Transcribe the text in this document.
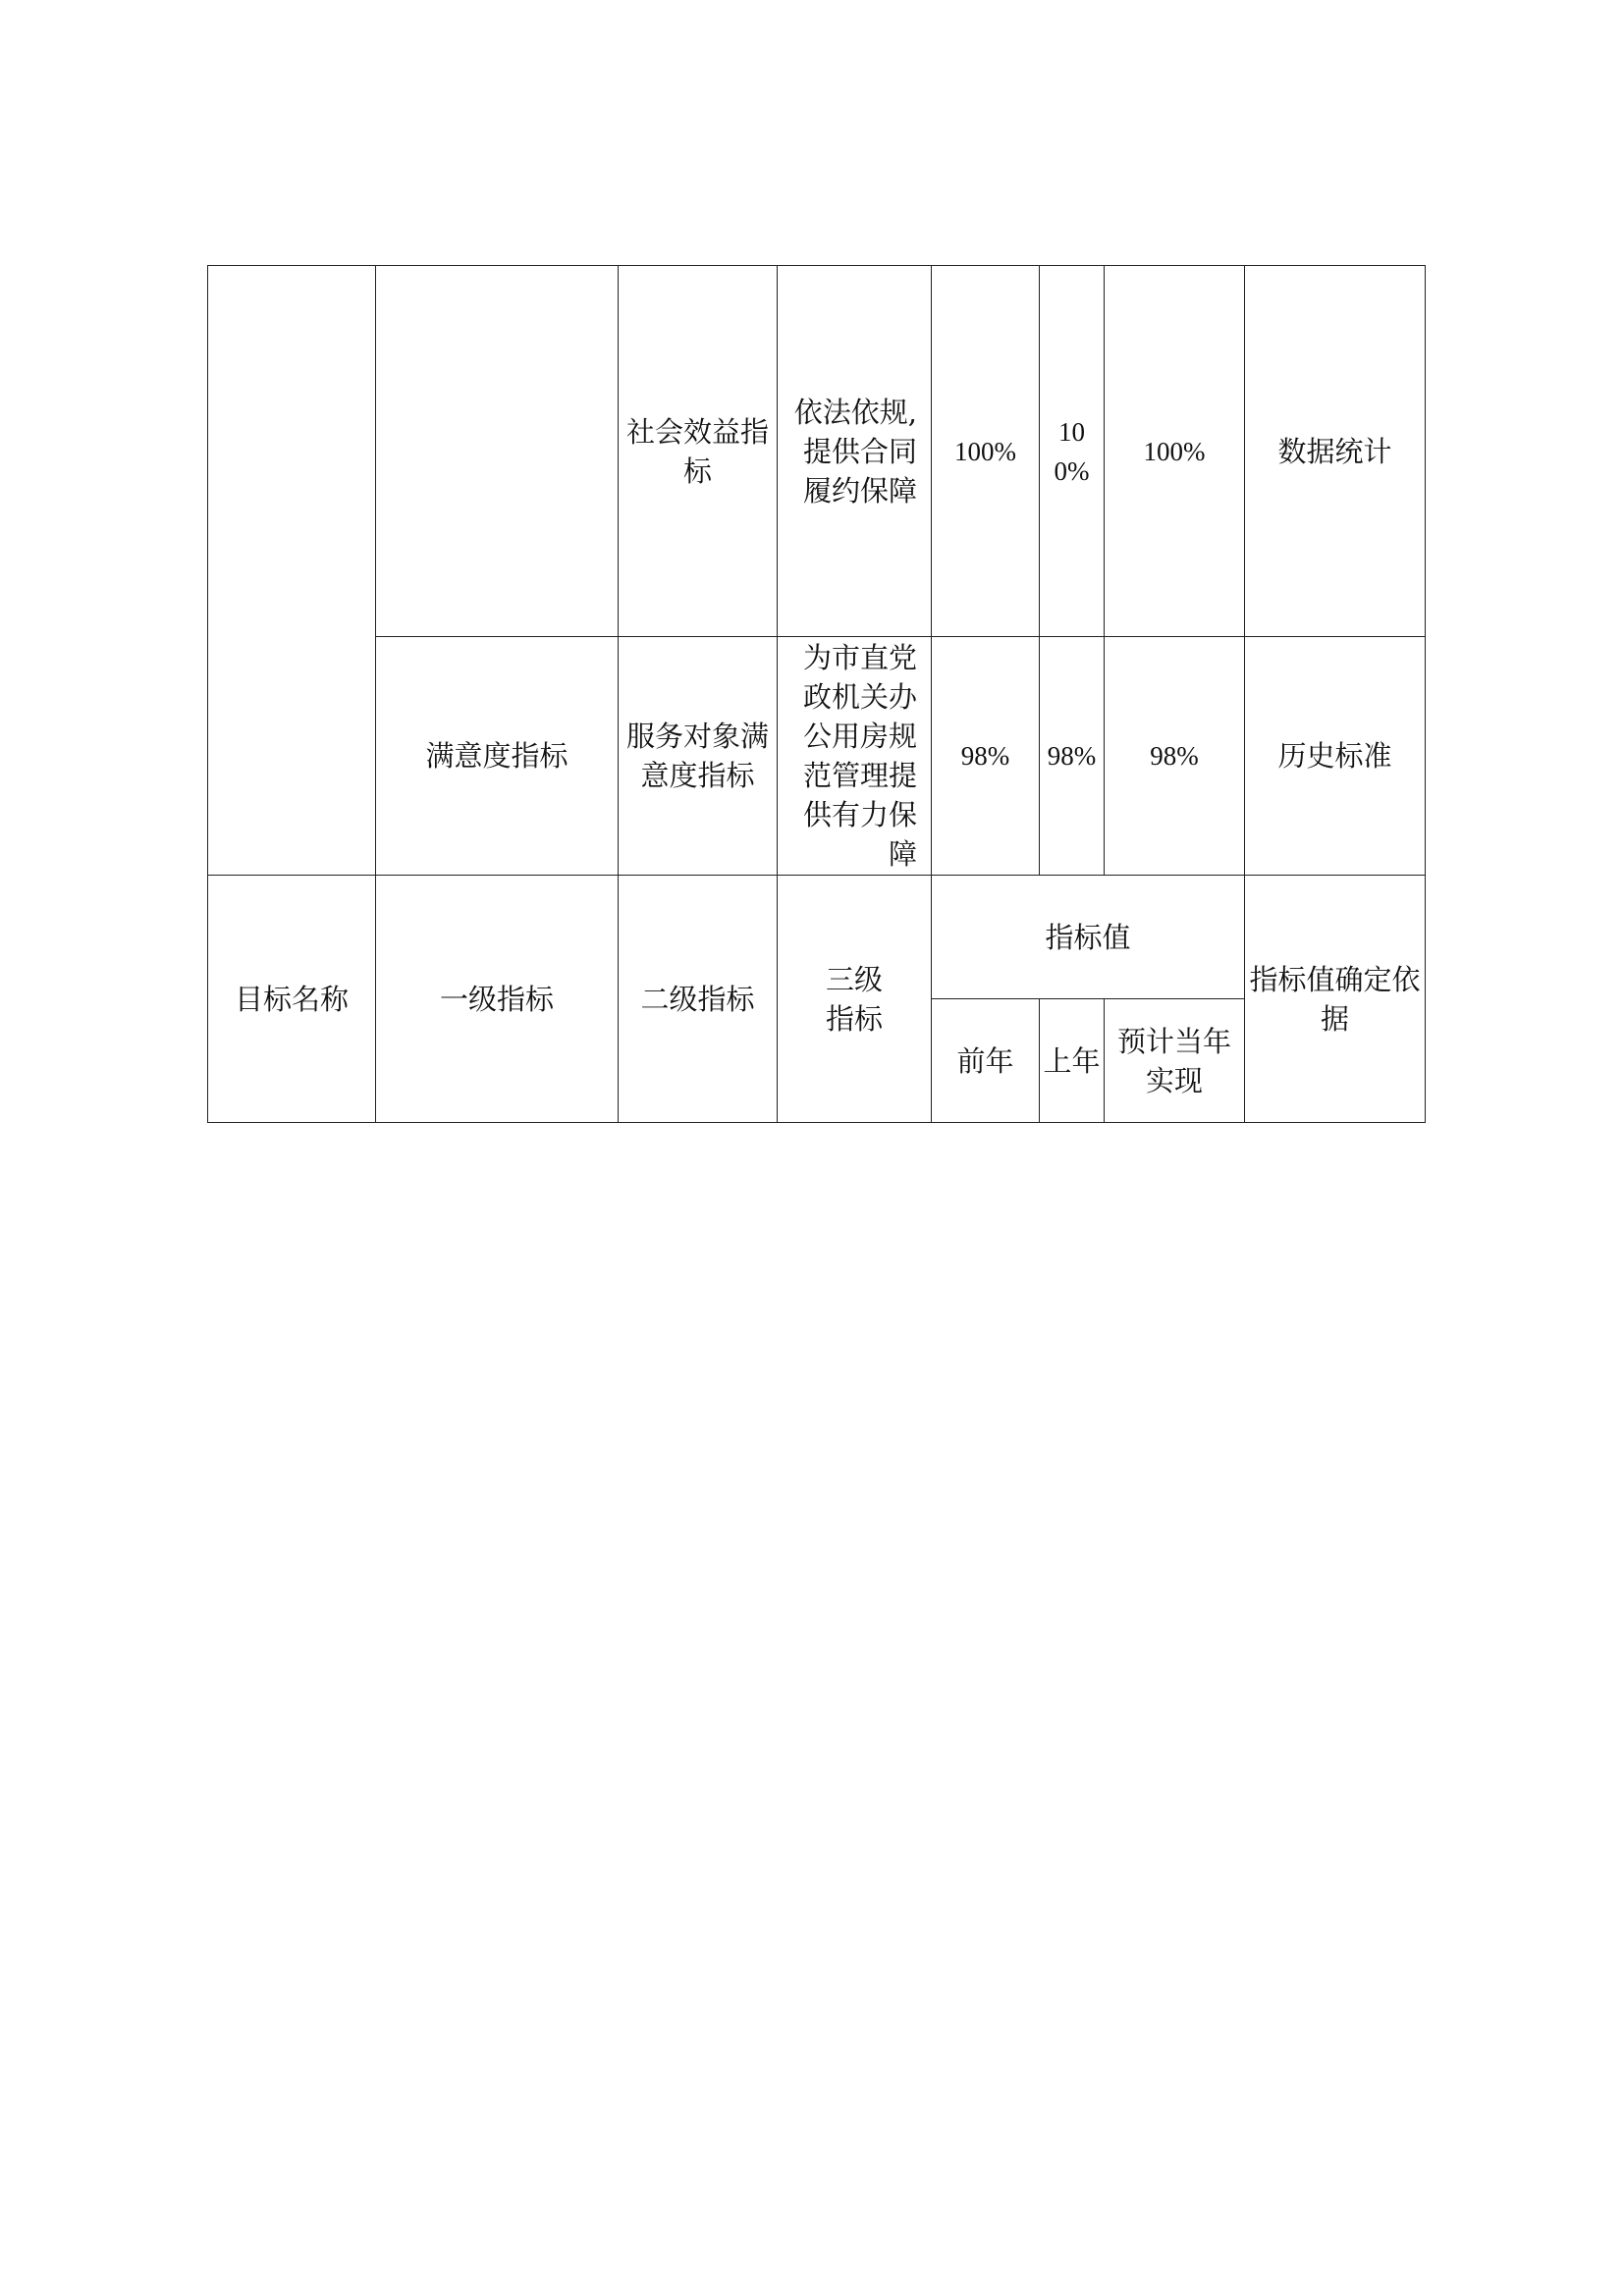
		社会效益指标	依法依规,提供合同履约保障	100%	100%	100%	数据统计
	满意度指标	服务对象满意度指标	为市直党政机关办公用房规范管理提供有力保障	98%	98%	98%	历史标准
目标名称	一级指标	二级指标	三级指标	指标值			指标值确定依据
				前年	上年	预计当年实现	
